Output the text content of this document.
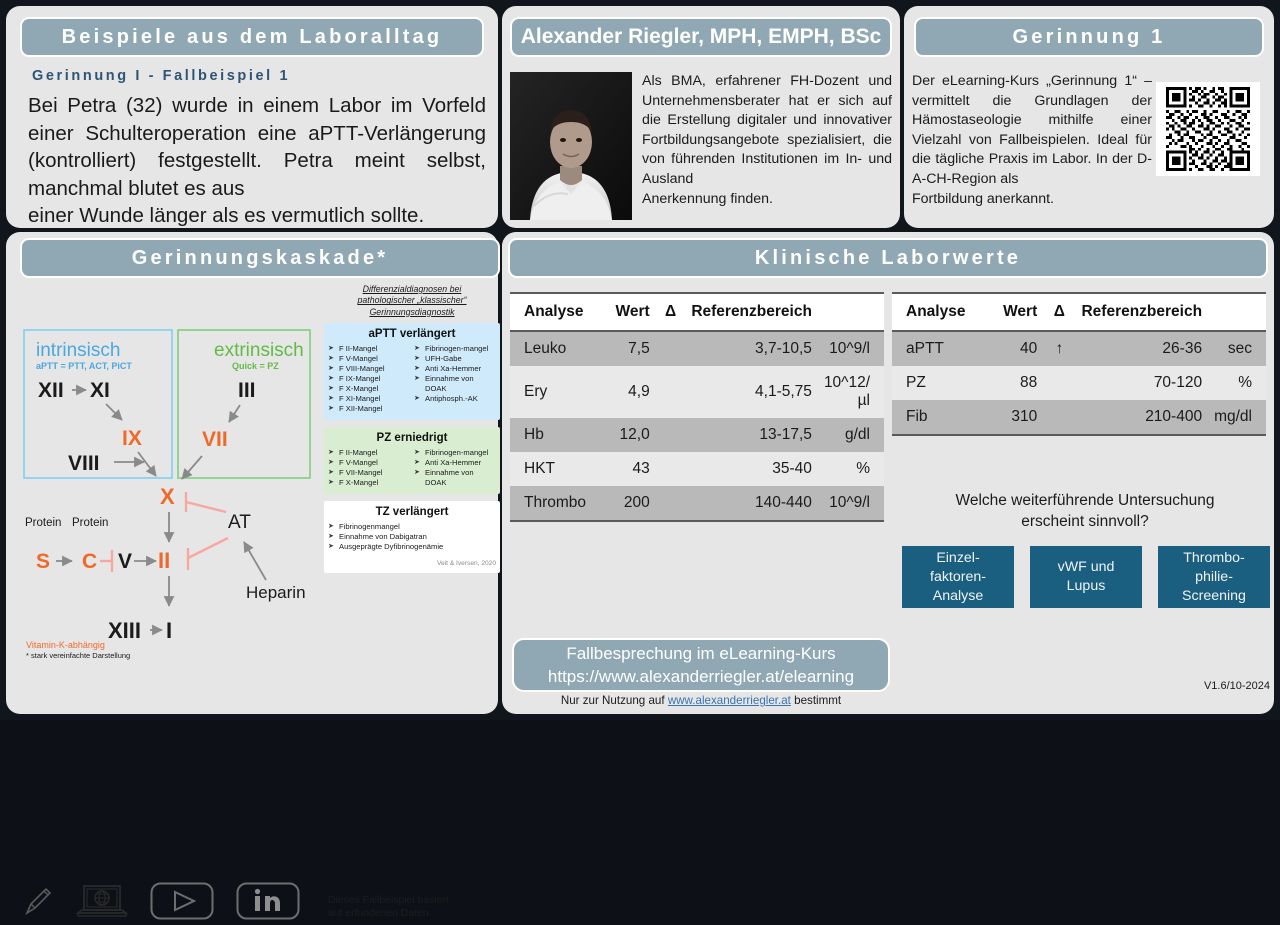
Beispiele aus dem Laboralltag
Gerinnung I - Fallbeispiel 1
Bei Petra (32) wurde in einem Labor im Vorfeld einer Schulteroperation eine aPTT-Verlängerung (kontrolliert) festgestellt. Petra meint selbst, manchmal blutet es aus
einer Wunde länger als es vermutlich sollte.
Alexander Riegler, MPH, EMPH, BSc
Als BMA, erfahrener FH-Dozent und Unternehmensberater hat er sich auf die Erstellung digitaler und innovativer Fortbildungsangebote spezialisiert, die von führenden Institutionen im In- und Ausland
Anerkennung finden.
Gerinnung 1
Der eLearning-Kurs „Gerinnung 1“ – vermittelt die Grundlagen der Hämostaseologie mithilfe einer Vielzahl von Fallbeispielen. Ideal für die tägliche Praxis im Labor. In der D-A-CH-Region als
Fortbildung anerkannt.
Gerinnungskaskade*
intrinsisch
aPTT = PTT, ACT, PiCT
XII XI
IX
VIII
extrinsisch
Quick = PZ
III
VII
X
II
XIII I
Protein Protein
S C V
AT
Heparin
Vitamin-K-abhängig
* stark vereinfachte Darstellung
Differenzialdiagnosen bei
pathologischer „klassischer“
Gerinnungsdiagnostik
aPTT verlängert
➤ F II-Mangel
➤ F V-Mangel
➤ F VIII-Mangel
➤ F IX-Mangel
➤ F X-Mangel
➤ F XI-Mangel
➤ F XII-Mangel
➤ Fibrinogen-mangel
➤ UFH-Gabe
➤ Anti Xa-Hemmer
➤ Einnahme von DOAK
➤ Antiphosph.-AK
PZ erniedrigt
➤ F II-Mangel
➤ F V-Mangel
➤ F VII-Mangel
➤ F X-Mangel
➤ Fibrinogen-mangel
➤ Anti Xa-Hemmer
➤ Einnahme von DOAK
TZ verlängert
➤ Fibrinogenmangel
➤ Einnahme von Dabigatran
➤ Ausgeprägte Dyfibrinogenämie
Veit & Iversen, 2020
Dieses Fallbeispiel basiert
auf erfundenen Daten.
Klinische Laborwerte
Analyse	Wert	Δ	Referenzbereich	
Leuko	7,5		3,7-10,5	10^9/l
Ery	4,9		4,1-5,75	10^12/µl
Hb	12,0		13-17,5	g/dl
HKT	43		35-40	%
Thrombo	200		140-440	10^9/l
Analyse	Wert	Δ	Referenzbereich	
aPTT	40	↑	26-36	sec
PZ	88		70-120	%
Fib	310		210-400	mg/dl
Welche weiterführende Untersuchung
erscheint sinnvoll?
Einzel-
faktoren-
Analyse
vWF und
Lupus
Thrombo-
philie-
Screening
Fallbesprechung im eLearning-Kurs
https://www.alexanderriegler.at/elearning
Nur zur Nutzung auf www.alexanderriegler.at bestimmt
V1.6/10-2024
